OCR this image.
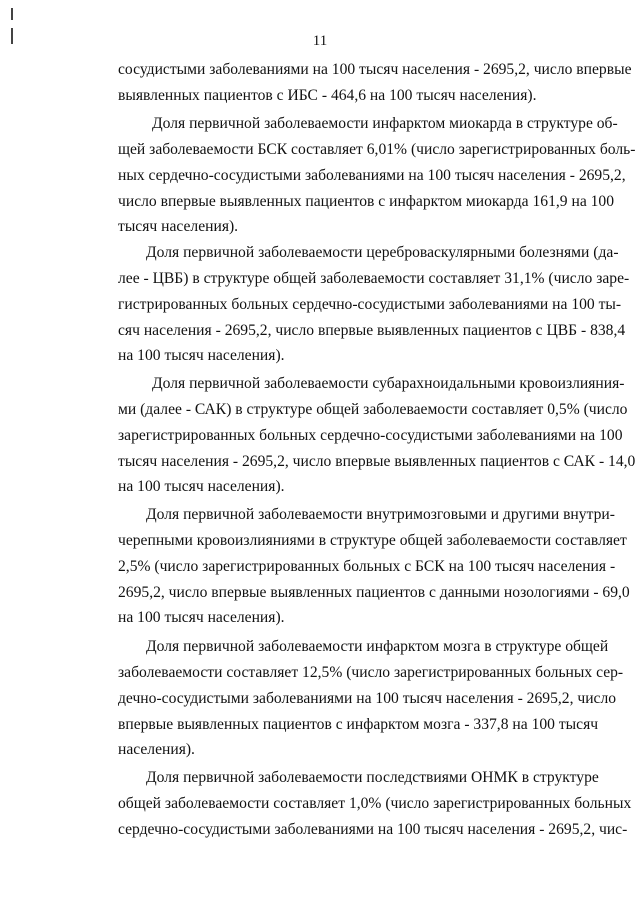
11
сосудистыми заболеваниями на 100 тысяч населения - 2695,2, число впервые
выявленных пациентов с ИБС - 464,6 на 100 тысяч населения).
Доля первичной заболеваемости инфарктом миокарда в структуре об-
щей заболеваемости БСК составляет 6,01% (число зарегистрированных боль-
ных сердечно-сосудистыми заболеваниями на 100 тысяч населения - 2695,2,
число впервые выявленных пациентов с инфарктом миокарда 161,9 на 100
тысяч населения).
Доля первичной заболеваемости цереброваскулярными болезнями (да-
лее - ЦВБ) в структуре общей заболеваемости составляет 31,1% (число заре-
гистрированных больных сердечно-сосудистыми заболеваниями на 100 ты-
сяч населения - 2695,2, число впервые выявленных пациентов с ЦВБ - 838,4
на 100 тысяч населения).
Доля первичной заболеваемости субарахноидальными кровоизлияния-
ми (далее - САК) в структуре общей заболеваемости составляет 0,5% (число
зарегистрированных больных сердечно-сосудистыми заболеваниями на 100
тысяч населения - 2695,2, число впервые выявленных пациентов с САК - 14,0
на 100 тысяч населения).
Доля первичной заболеваемости внутримозговыми и другими внутри-
черепными кровоизлияниями в структуре общей заболеваемости составляет
2,5% (число зарегистрированных больных с БСК на 100 тысяч населения -
2695,2, число впервые выявленных пациентов с данными нозологиями - 69,0
на 100 тысяч населения).
Доля первичной заболеваемости инфарктом мозга в структуре общей
заболеваемости составляет 12,5% (число зарегистрированных больных сер-
дечно-сосудистыми заболеваниями на 100 тысяч населения - 2695,2, число
впервые выявленных пациентов с инфарктом мозга - 337,8 на 100 тысяч
населения).
Доля первичной заболеваемости последствиями ОНМК в структуре
общей заболеваемости составляет 1,0% (число зарегистрированных больных
сердечно-сосудистыми заболеваниями на 100 тысяч населения - 2695,2, чис-
